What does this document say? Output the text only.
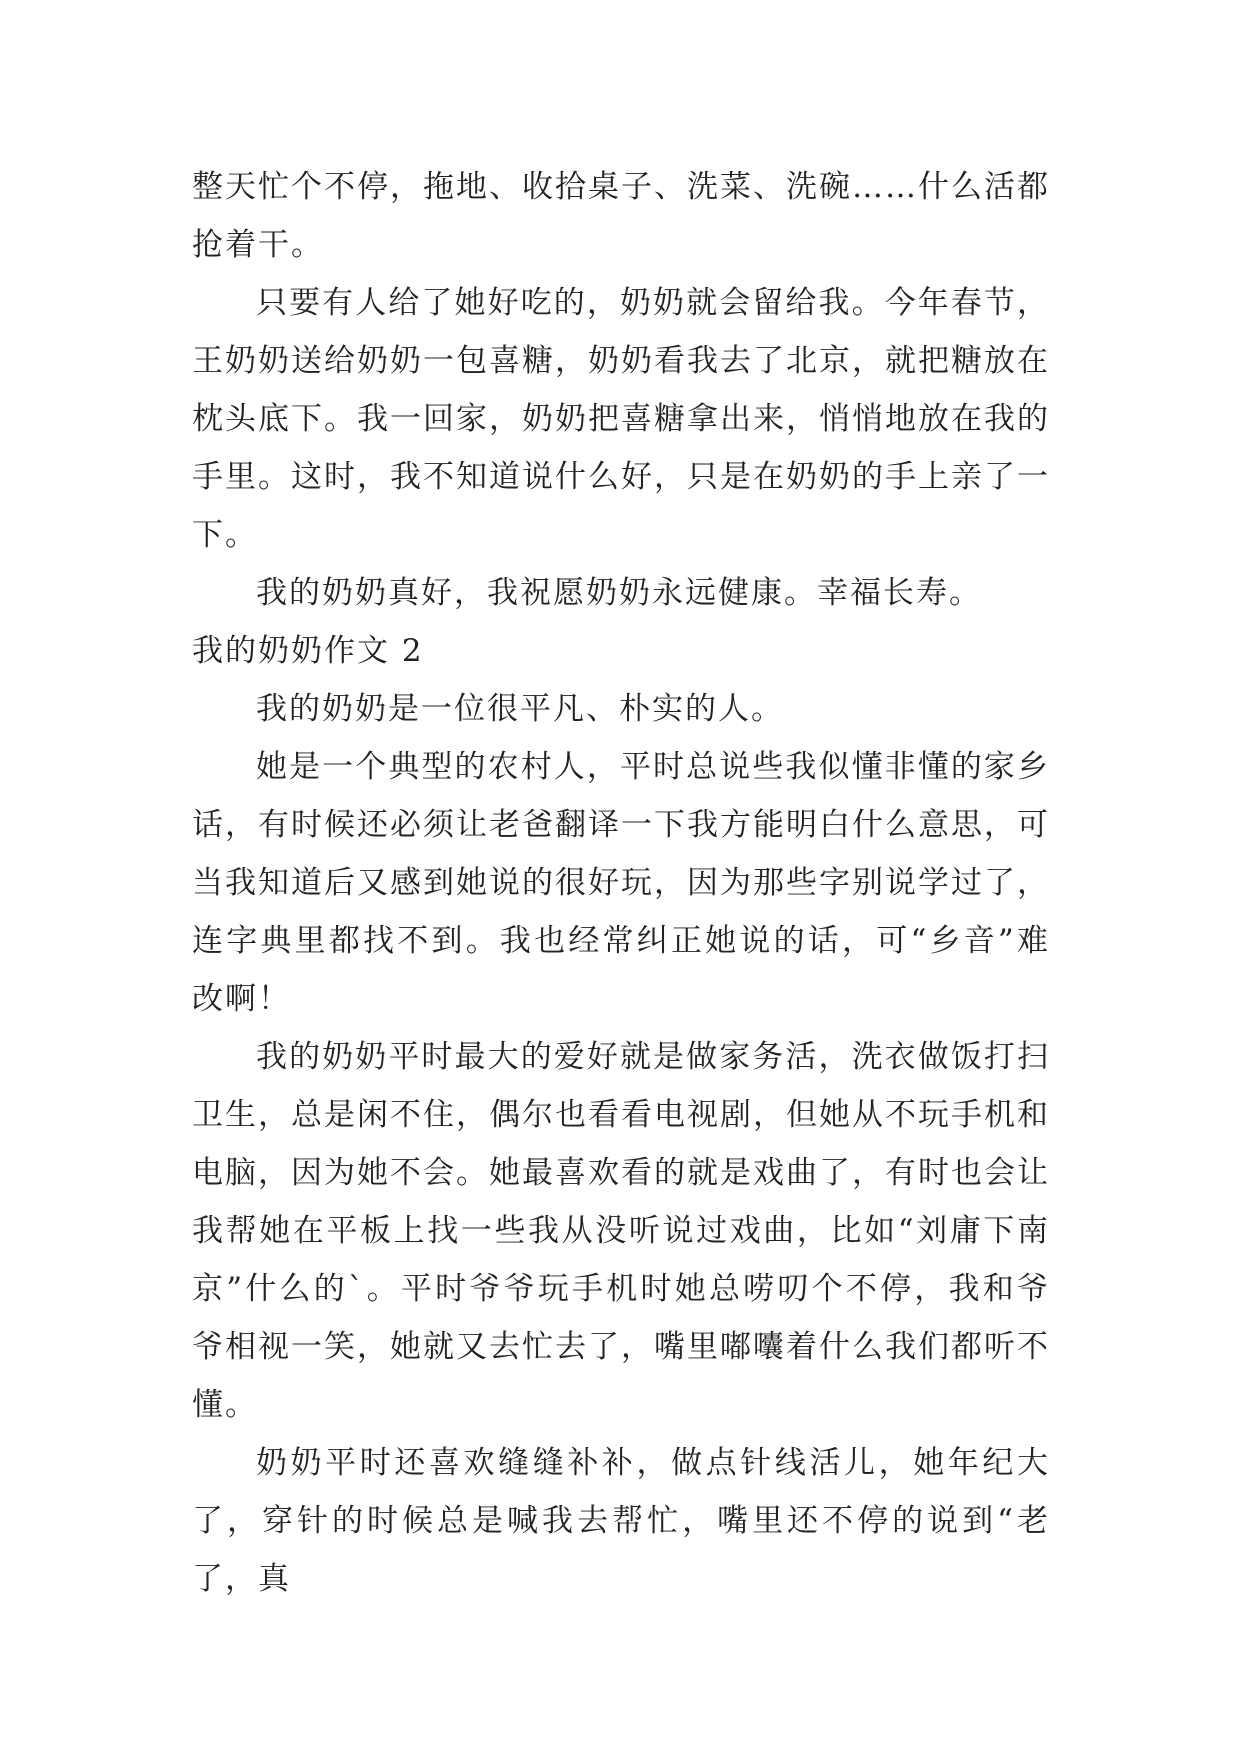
整天忙个不停，拖地、收拾桌子、洗菜、洗碗……什么活都抢着干。

只要有人给了她好吃的，奶奶就会留给我。今年春节，王奶奶送给奶奶一包喜糖，奶奶看我去了北京，就把糖放在枕头底下。我一回家，奶奶把喜糖拿出来，悄悄地放在我的手里。这时，我不知道说什么好，只是在奶奶的手上亲了一下。

我的奶奶真好，我祝愿奶奶永远健康。幸福长寿。

我的奶奶作文 2

我的奶奶是一位很平凡、朴实的人。

她是一个典型的农村人，平时总说些我似懂非懂的家乡话，有时候还必须让老爸翻译一下我方能明白什么意思，可当我知道后又感到她说的很好玩，因为那些字别说学过了，连字典里都找不到。我也经常纠正她说的话，可“乡音”难改啊！

我的奶奶平时最大的爱好就是做家务活，洗衣做饭打扫卫生，总是闲不住，偶尔也看看电视剧，但她从不玩手机和电脑，因为她不会。她最喜欢看的就是戏曲了，有时也会让我帮她在平板上找一些我从没听说过戏曲，比如“刘庸下南京”什么的`。平时爷爷玩手机时她总唠叨个不停，我和爷爷相视一笑，她就又去忙去了，嘴里嘟囔着什么我们都听不懂。

奶奶平时还喜欢缝缝补补，做点针线活儿，她年纪大了，穿针的时候总是喊我去帮忙，嘴里还不停的说到“老了，真
